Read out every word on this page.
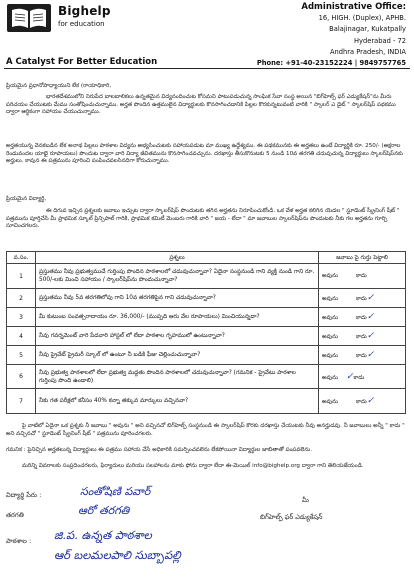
Bighelp
for education
A Catalyst For Better Education
Administrative Office:
16, HIGH. (Duplex), APHB.
Balajinagar, Kukatpally
Hyderabad - 72
Andhra Pradesh, INDIA
Phone: +91-40-23152224 | 9849757765
ప్రియమైన ప్రధానోపాధ్యాయుని లేక (రాయాధికారి,
భారతదేశములోని నిరుపేద బాలబాలికలు ఉన్నతమైన విద్యనందించుట కోసమని పాటుపడుచున్న సాంఘిక సేవా సంస్థ అయిన "బిగ్‌హెల్ప్ ఫర్ ఎడ్యుకేషన్"ను మీరు పరిచయం చేయుటకు మేము సంతోషించుచున్నాము. అర్హత పొందిన ఉత్తములైన విద్యార్థులకు కొనసాగించడానికి పిల్లల కొరకున్నటువంటి వారికి " స్కాలర్ ఎ డైట్ " స్కాలర్‌షిప్ పథకము ద్వారా ఆర్థికంగా సహాయం చేయుచున్నాము.
అర్హతయున్న వెనకబడిన లేక అనాథ పిల్లలు పాఠశాల విద్యను అభ్యసించుటకు సహాయపడుట మా ముఖ్య ఉద్దేశ్యము. ఈ పథకమునకు ఈ అర్హతలు ఉంటే విద్యార్థికి రూ. 250/- (అక్షరాల రెండువందల యాభై రూపాయలు) పొందుట ద్వారా వారి విద్యా జీవితమును కొనసాగించవచ్చును. దరఖాస్తు తీసుకొనుటకు 5 నుండి 10వ తరగతి చదువుచున్న విద్యార్థులు స్కాలర్‌షిప్‌నకు అర్హులు. కావున ఈ పత్రమును పూరించి పంపించవలసినదిగా కోరుచున్నాము.
ప్రియమైన విద్యార్థి,
ఈ దిగువ ఇచ్చిన ప్రశ్నలకు జవాబు ఇచ్చుట ద్వారా స్కాలర్‌షిప్ పొందుటకు తగిన అర్హతను నిరూపించుకోండి. ఒక వేళ అర్హత కలిగిన యెడల " స్టూడెంట్ స్క్రీనింగ్ షీట్ " పత్రమును పూర్తిచేసి మీ ప్రాథమిక స్కూల్ ప్రిన్సిపాల్ గారికి, ప్రాథమిక కమిటీ మెంబరు గారికి వారి " జయ - లేదా " మా జవాబుల స్కాలర్‌షిప్‌ను పొందుటకు నీకు గల అర్హతను గూర్చి సూచించగలరు.
వ.సం.	ప్రశ్నలు	జవాబు పై గుర్తు పెట్టాలి
1	ప్రస్తుతము నీవు ప్రభుత్వముచే గుర్తింపు పొందిన పాఠశాలలో చదువుచున్నావా? ఏదైనా సంస్థనుండి గాని వ్యక్తి నుండి గాని రూ. 500/-లకు మించి సహాయం / స్కాలర్‌షిప్‌ను పొందుచున్నావా?	అవును కాదు
2	ప్రస్తుతము నీవు 5వ తరగతిలోపు గాని 10వ తరగతిపైన గాని చదువుచున్నావా?	అవును కాదు✓
3	మీ కుటుంబ సంవత్సరాదాయం రూ. 36,000/- (ముప్పది ఆరు వేల రూపాయలు) మించియున్నదా?	అవును కాదు✓
4	నీవు గవర్నమెంట్ వారి పేదవారి హాస్టల్ లో లేదా పాఠశాల గృహములో ఉంటున్నావా?	అవును కాదు✓
5	నీవు ప్రైవేట్ ప్రైమరీ స్కూల్ లో ఉంటూ నీ బడికి ఫీజు చెల్లించుచున్నావా?	అవును కాదు✓
6	నీవు ప్రభుత్వ పాఠశాలలో లేదా ప్రభుత్వ మద్దతు పొందిన పాఠశాలలో చదువుచున్నావా? (గమనిక - ప్రైవేటు పాఠశాల గుర్తింపు పొంది ఉండాలి)	అవును ✓కాదు
7	నీకు గత పరీక్షలో కనీసం 40% కన్నా తక్కువ మార్కులు వచ్చినవా?	అవును కాదు✓
పై వాటిలో ఏదైనా ఒక ప్రశ్నకు నీ జవాబు " అవును " అని వచ్చినచో బిగ్‌హెల్ప్ సంస్థనుండి ఈ స్కాలర్‌షిప్ కొరకు దరఖాస్తు చేయుటకు నీవు అనర్హుడవు. నీ జవాబులు అన్నీ " కాదు " అని వచ్చినచో " స్టూడెంట్ స్క్రీనింగ్ షీట్ " పత్రమును పూరించగలరు.
గమనిక : పైనిచ్చిన అర్హతలున్న విద్యార్థులు ఈ పత్రము సహాయ చేసే అధికారికి సమర్పించవలెను లేకపోయినా విద్యార్థుల జాబితాతో పంపవలెను.
మరిన్ని వివరాలకు సంప్రదించగలరు, ఫిర్యాదులు మరియు సలహాలను మాకు ఫోను ద్వారా లేదా ఈ-మెయిల్ info@bighelp.org ద్వారా గాని తెలియజేయండి.
విద్యార్థి పేరు :	సంతోషిణి పవార్
మీ
తరగతి	ఆరో తరగతి	బిగ్‌హెల్ప్ ఫర్ ఎడ్యుకేషన్
పాఠశాల : జి.ప. ఉన్నత పాఠశాల
ఆర్ బలమలపాలి సుబ్బాపల్లి
